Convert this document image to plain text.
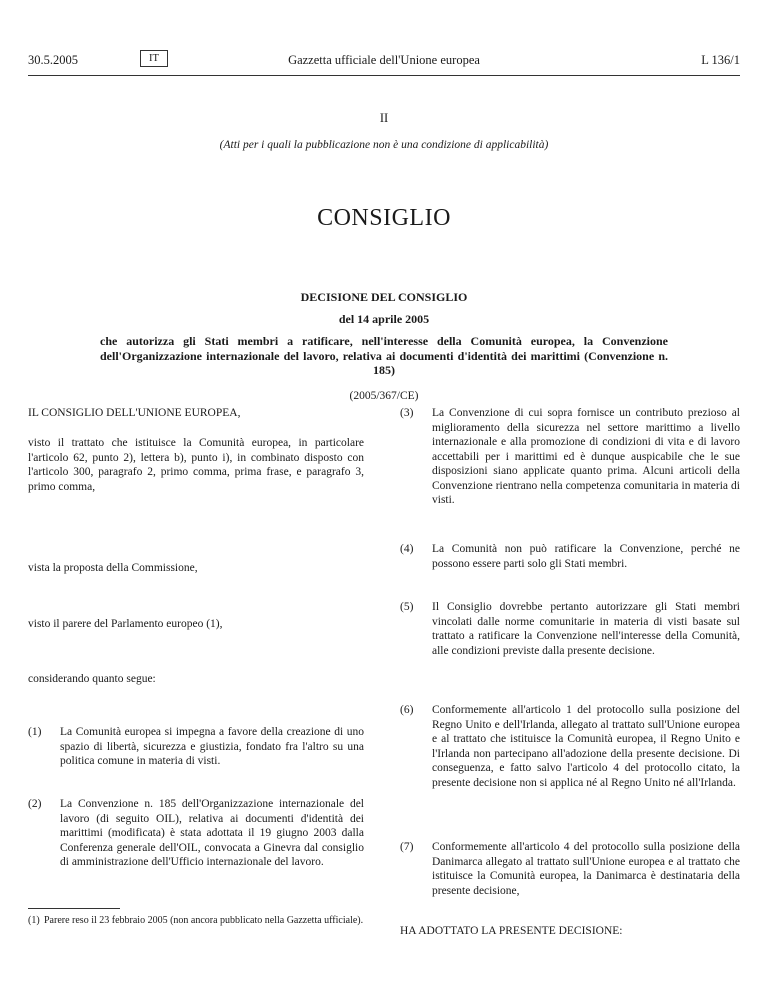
30.5.2005	IT	Gazzetta ufficiale dell'Unione europea	L 136/1
II
(Atti per i quali la pubblicazione non è una condizione di applicabilità)
CONSIGLIO
DECISIONE DEL CONSIGLIO
del 14 aprile 2005
che autorizza gli Stati membri a ratificare, nell'interesse della Comunità europea, la Convenzione dell'Organizzazione internazionale del lavoro, relativa ai documenti d'identità dei marittimi (Convenzione n. 185)
(2005/367/CE)
IL CONSIGLIO DELL'UNIONE EUROPEA,
visto il trattato che istituisce la Comunità europea, in particolare l'articolo 62, punto 2), lettera b), punto i), in combinato disposto con l'articolo 300, paragrafo 2, primo comma, prima frase, e paragrafo 3, primo comma,
vista la proposta della Commissione,
visto il parere del Parlamento europeo (1),
considerando quanto segue:
(1) La Comunità europea si impegna a favore della creazione di uno spazio di libertà, sicurezza e giustizia, fondato fra l'altro su una politica comune in materia di visti.
(2) La Convenzione n. 185 dell'Organizzazione internazionale del lavoro (di seguito OIL), relativa ai documenti d'identità dei marittimi (modificata) è stata adottata il 19 giugno 2003 dalla Conferenza generale dell'OIL, convocata a Ginevra dal consiglio di amministrazione dell'Ufficio internazionale del lavoro.
(3) La Convenzione di cui sopra fornisce un contributo prezioso al miglioramento della sicurezza nel settore marittimo a livello internazionale e alla promozione di condizioni di vita e di lavoro accettabili per i marittimi ed è dunque auspicabile che le sue disposizioni siano applicate quanto prima. Alcuni articoli della Convenzione rientrano nella competenza comunitaria in materia di visti.
(4) La Comunità non può ratificare la Convenzione, perché ne possono essere parti solo gli Stati membri.
(5) Il Consiglio dovrebbe pertanto autorizzare gli Stati membri vincolati dalle norme comunitarie in materia di visti basate sul trattato a ratificare la Convenzione nell'interesse della Comunità, alle condizioni previste dalla presente decisione.
(6) Conformemente all'articolo 1 del protocollo sulla posizione del Regno Unito e dell'Irlanda, allegato al trattato sull'Unione europea e al trattato che istituisce la Comunità europea, il Regno Unito e l'Irlanda non partecipano all'adozione della presente decisione. Di conseguenza, e fatto salvo l'articolo 4 del protocollo citato, la presente decisione non si applica né al Regno Unito né all'Irlanda.
(7) Conformemente all'articolo 4 del protocollo sulla posizione della Danimarca allegato al trattato sull'Unione europea e al trattato che istituisce la Comunità europea, la Danimarca è destinataria della presente decisione,
(1) Parere reso il 23 febbraio 2005 (non ancora pubblicato nella Gazzetta ufficiale).
HA ADOTTATO LA PRESENTE DECISIONE:
